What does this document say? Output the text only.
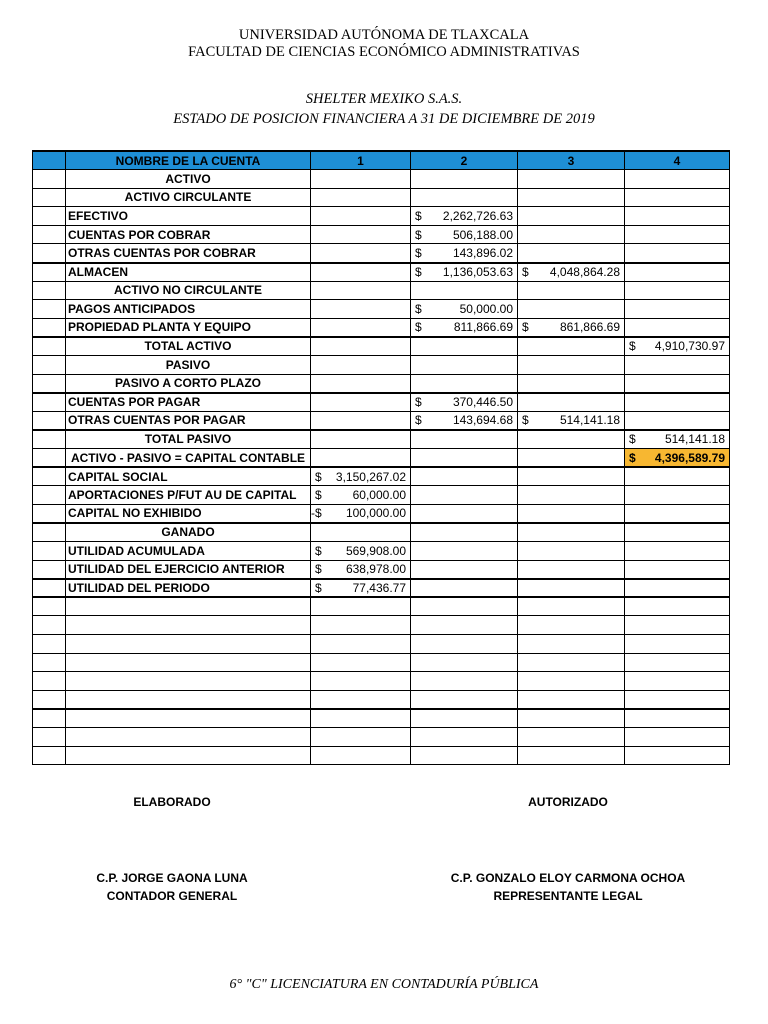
UNIVERSIDAD AUTÓNOMA DE TLAXCALA
FACULTAD DE CIENCIAS ECONÓMICO ADMINISTRATIVAS
SHELTER MEXIKO S.A.S.
ESTADO DE POSICION FINANCIERA A 31 DE DICIEMBRE DE 2019
	NOMBRE DE LA CUENTA	1	2	3	4
	ACTIVO				
	ACTIVO CIRCULANTE				
	EFECTIVO		$ 2,262,726.63		

	CUENTAS POR COBRAR		$ 506,188.00		

	OTRAS CUENTAS POR COBRAR		$ 143,896.02		

	ALMACEN		$ 1,136,053.63	$ 4,048,864.28	

	ACTIVO NO CIRCULANTE				
	PAGOS ANTICIPADOS		$ 50,000.00		

	PROPIEDAD PLANTA Y EQUIPO		$ 811,866.69	$ 861,866.69	

	TOTAL ACTIVO				$ 4,910,730.97

	PASIVO				
	PASIVO A CORTO PLAZO				
	CUENTAS POR PAGAR		$ 370,446.50		

	OTRAS CUENTAS POR PAGAR		$ 143,694.68	$ 514,141.18	

	TOTAL PASIVO				$ 514,141.18

	ACTIVO - PASIVO = CAPITAL CONTABLE				$ 4,396,589.79

	CAPITAL SOCIAL	$ 3,150,267.02			

	APORTACIONES P/FUT AU DE CAPITAL	$ 60,000.00			

	CAPITAL NO EXHIBIDO	-$ 100,000.00			

	GANADO				
	UTILIDAD ACUMULADA	$ 569,908.00			

	UTILIDAD DEL EJERCICIO ANTERIOR	$ 638,978.00			

	UTILIDAD DEL PERIODO	$ 77,436.77			

ELABORADO	AUTORIZADO
C.P. JORGE GAONA LUNA
CONTADOR GENERAL
C.P. GONZALO ELOY CARMONA OCHOA
REPRESENTANTE LEGAL
6° "C" LICENCIATURA EN CONTADURÍA PÚBLICA
